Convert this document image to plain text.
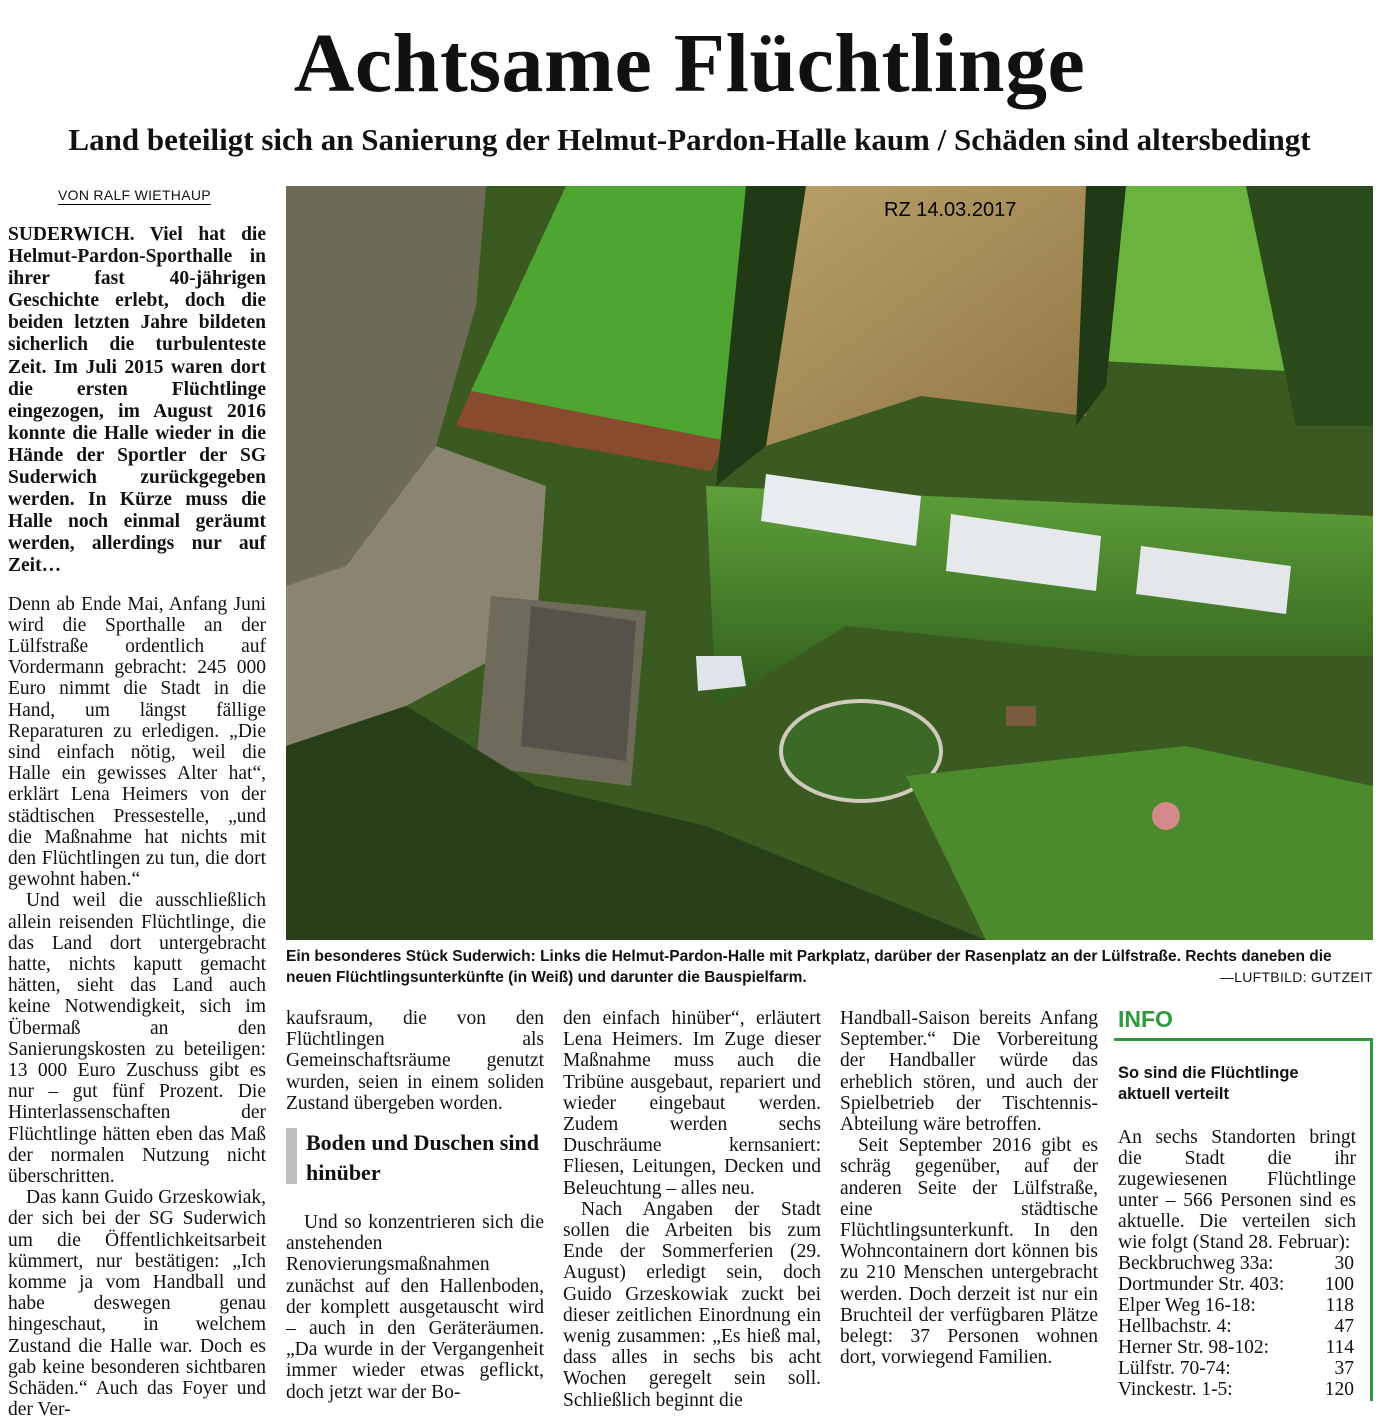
Achtsame Flüchtlinge
Land beteiligt sich an Sanierung der Helmut-Pardon-Halle kaum / Schäden sind altersbedingt
VON RALF WIETHAUP

SUDERWICH. Viel hat die Helmut-Pardon-Sporthalle in ihrer fast 40-jährigen Geschichte erlebt, doch die beiden letzten Jahre bildeten sicherlich die turbulenteste Zeit. Im Juli 2015 waren dort die ersten Flüchtlinge eingezogen, im August 2016 konnte die Halle wieder in die Hände der Sportler der SG Suderwich zurückgegeben werden. In Kürze muss die Halle noch einmal geräumt werden, allerdings nur auf Zeit…

Denn ab Ende Mai, Anfang Juni wird die Sporthalle an der Lülfstraße ordentlich auf Vordermann gebracht: 245 000 Euro nimmt die Stadt in die Hand, um längst fällige Reparaturen zu erledigen. „Die sind einfach nötig, weil die Halle ein gewisses Alter hat“, erklärt Lena Heimers von der städtischen Pressestelle, „und die Maßnahme hat nichts mit den Flüchtlingen zu tun, die dort gewohnt haben.“

Und weil die ausschließlich allein reisenden Flüchtlinge, die das Land dort untergebracht hatte, nichts kaputt gemacht hätten, sieht das Land auch keine Notwendigkeit, sich im Übermaß an den Sanierungskosten zu beteiligen: 13 000 Euro Zuschuss gibt es nur – gut fünf Prozent. Die Hinterlassenschaften der Flüchtlinge hätten eben das Maß der normalen Nutzung nicht überschritten.

Das kann Guido Grzeskowiak, der sich bei der SG Suderwich um die Öffentlichkeitsarbeit kümmert, nur bestätigen: „Ich komme ja vom Handball und habe deswegen genau hingeschaut, in welchem Zustand die Halle war. Doch es gab keine besonderen sichtbaren Schäden.“ Auch das Foyer und der Ver-

RZ 14.03.2017
Ein besonderes Stück Suderwich: Links die Helmut-Pardon-Halle mit Parkplatz, darüber der Rasenplatz an der Lülfstraße. Rechts daneben die neuen Flüchtlingsunterkünfte (in Weiß) und darunter die Bauspielfarm.	—LUFTBILD: GUTZEIT

kaufsraum, die von den Flüchtlingen als Gemeinschaftsräume genutzt wurden, seien in einem soliden Zustand übergeben worden.

Boden und Duschen sind hinüber

Und so konzentrieren sich die anstehenden Renovierungsmaßnahmen zunächst auf den Hallenboden, der komplett ausgetauscht wird – auch in den Geräteräumen. „Da wurde in der Vergangenheit immer wieder etwas geflickt, doch jetzt war der Bo-

den einfach hinüber“, erläutert Lena Heimers. Im Zuge dieser Maßnahme muss auch die Tribüne ausgebaut, repariert und wieder eingebaut werden. Zudem werden sechs Duschräume kernsaniert: Fliesen, Leitungen, Decken und Beleuchtung – alles neu.

Nach Angaben der Stadt sollen die Arbeiten bis zum Ende der Sommerferien (29. August) erledigt sein, doch Guido Grzeskowiak zuckt bei dieser zeitlichen Einordnung ein wenig zusammen: „Es hieß mal, dass alles in sechs bis acht Wochen geregelt sein soll. Schließlich beginnt die

Handball-Saison bereits Anfang September.“ Die Vorbereitung der Handballer würde das erheblich stören, und auch der Spielbetrieb der Tischtennis-Abteilung wäre betroffen.

Seit September 2016 gibt es schräg gegenüber, auf der anderen Seite der Lülfstraße, eine städtische Flüchtlingsunterkunft. In den Wohncontainern dort können bis zu 210 Menschen untergebracht werden. Doch derzeit ist nur ein Bruchteil der verfügbaren Plätze belegt: 37 Personen wohnen dort, vorwiegend Familien.

INFO
So sind die Flüchtlinge aktuell verteilt
An sechs Standorten bringt die Stadt die ihr zugewiesenen Flüchtlinge unter – 566 Personen sind es aktuelle. Die verteilen sich wie folgt (Stand 28. Februar):
Beckbruchweg 33a:	30
Dortmunder Str. 403: 100
Elper Weg 16-18:	118
Hellbachstr. 4:	47
Herner Str. 98-102:	114
Lülfstr. 70-74:	37
Vinckestr. 1-5:	120
